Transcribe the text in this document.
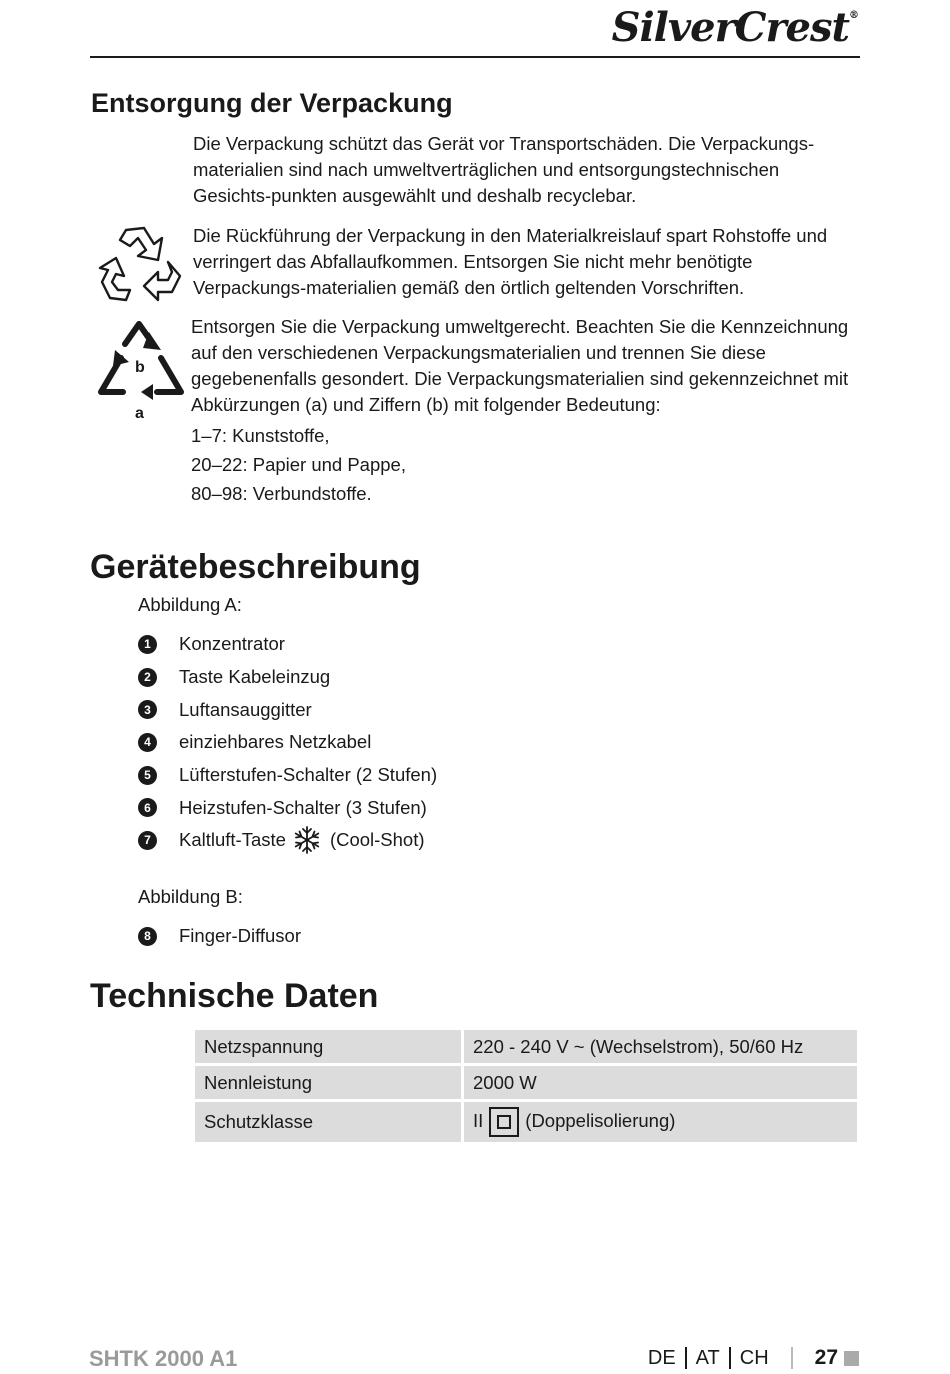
SilverCrest®
Entsorgung der Verpackung

Die Verpackung schützt das Gerät vor Transportschäden. Die Verpackungs-materialien sind nach umweltverträglichen und entsorgungstechnischen Gesichts-punkten ausgewählt und deshalb recyclebar.

Die Rückführung der Verpackung in den Materialkreislauf spart Rohstoffe und verringert das Abfallaufkommen. Entsorgen Sie nicht mehr benötigte Verpackungs-materialien gemäß den örtlich geltenden Vorschriften.

b
a

Entsorgen Sie die Verpackung umweltgerecht. Beachten Sie die Kennzeichnung auf den verschiedenen Verpackungsmaterialien und trennen Sie diese gegebenenfalls gesondert. Die Verpackungsmaterialien sind gekennzeichnet mit Abkürzungen (a) und Ziffern (b) mit folgender Bedeutung:

1–7: Kunststoffe,
20–22: Papier und Pappe,
80–98: Verbundstoffe.
Gerätebeschreibung
Abbildung A:
1	Konzentrator
2	Taste Kabeleinzug
3	Luftansauggitter
4	einziehbares Netzkabel
5	Lüfterstufen-Schalter (2 Stufen)
6	Heizstufen-Schalter (3 Stufen)
7	Kaltluft-Taste (Cool-Shot)
Abbildung B:
8	Finger-Diffusor
Technische Daten
Netzspannung	220 - 240 V ~ (Wechselstrom), 50/60 Hz
Nennleistung	2000 W
Schutzklasse	II (Doppelisolierung)
SHTK 2000 A1	DE AT CH 27
